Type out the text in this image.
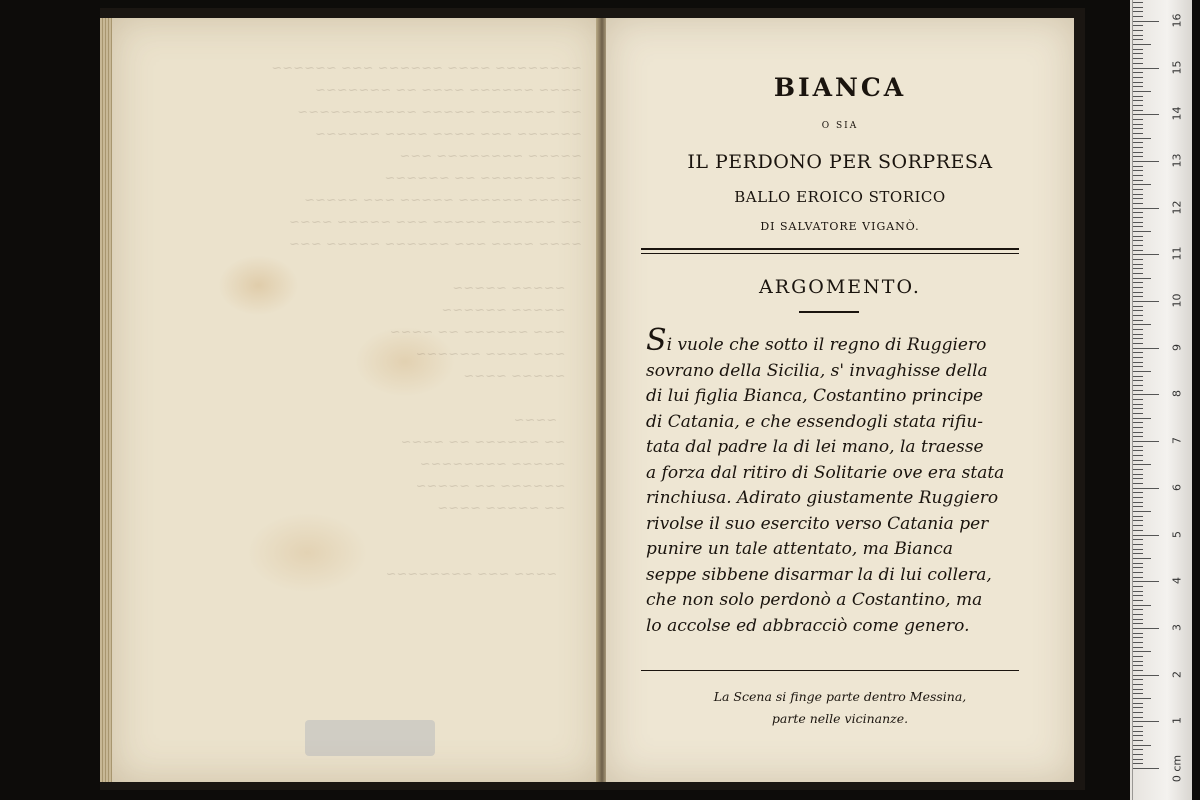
~~~~~~~~ ~~~~ ~~~~~~ ~~~ ~~~~~~
~~~~ ~~~~~~ ~~~~ ~~ ~~~~~~~
~~ ~~~~~~~ ~~~~~ ~~~~~~~~~~~
~~~~~~ ~~~ ~~~~ ~~~~ ~~~~~~
~~~~~ ~~~~~~~~ ~~~
~~ ~~~~~~~ ~~ ~~~~~~
~~~~~ ~~~~~~ ~~~~~ ~~~ ~~~~~
~~ ~~~~~~ ~~~~~ ~~~ ~~~~~ ~~~~
~~~~ ~~~~ ~~~ ~~~~~~ ~~~~~ ~~~

~~~~~ ~~~~~
~~~~~ ~~~~~~
~~~ ~~~~~~ ~~ ~~~~
~~~ ~~~~ ~~~~~~
~~~~~ ~~~~

~~~~
~~ ~~~~~~ ~~ ~~~~
~~~~~ ~~~~~~~~
~~~~~~ ~~ ~~~~~
~~ ~~~~~ ~~~~

~~~~ ~~~ ~~~~~~~~
BIANCA
O SIA
IL PERDONO PER SORPRESA
BALLO EROICO STORICO
DI SALVATORE VIGANÒ.
ARGOMENTO.
Si vuole che sotto il regno di Ruggiero
sovrano della Sicilia, s' invaghisse della
di lui figlia Bianca, Costantino principe
di Catania, e che essendogli stata rifiu-
tata dal padre la di lei mano, la traesse
a forza dal ritiro di Solitarie ove era stata
rinchiusa. Adirato giustamente Ruggiero
rivolse il suo esercito verso Catania per
punire un tale attentato, ma Bianca
seppe sibbene disarmar la di lui collera,
che non solo perdonò a Costantino, ma
lo accolse ed abbracciò come genero.
La Scena si finge parte dentro Messina,
parte nelle vicinanze.
0 cm
1
2
3
4
5
6
7
8
9
10
11
12
13
14
15
16
